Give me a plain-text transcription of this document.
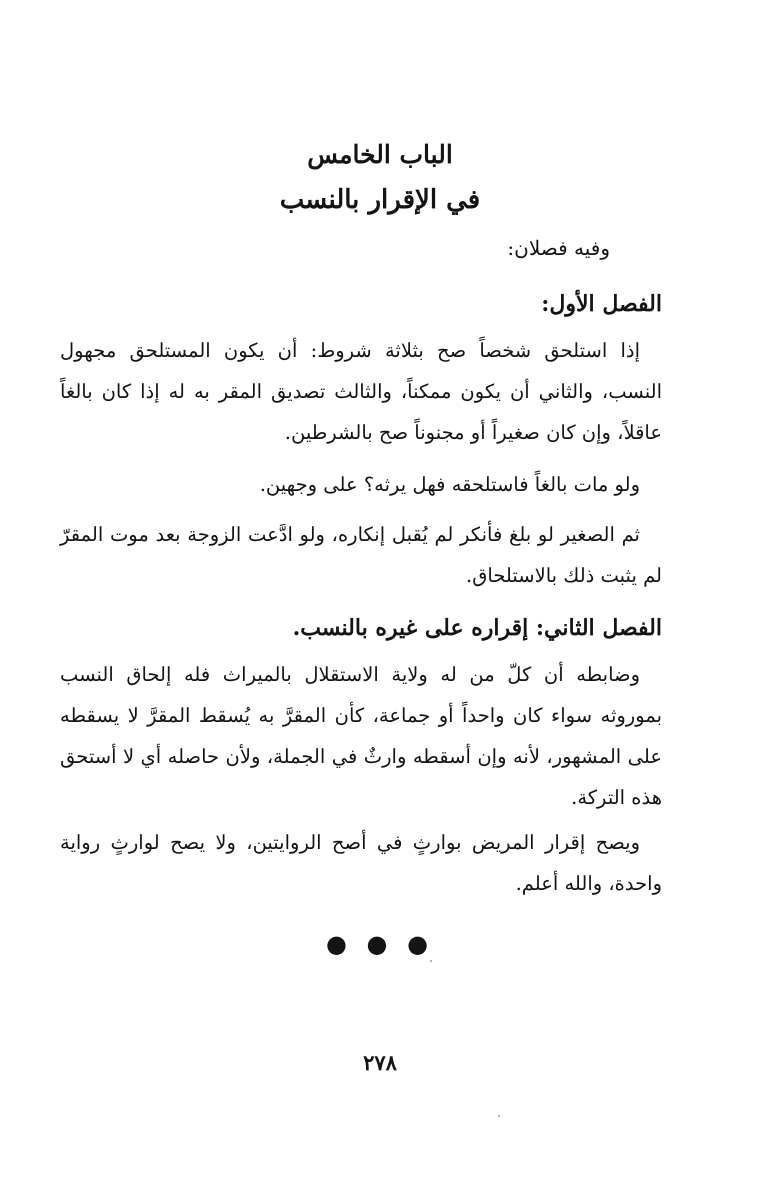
الباب الخامس
في الإقرار بالنسب
وفيه فصلان:

الفصل الأول:

إذا استلحق شخصاً صح بثلاثة شروط: أن يكون المستلحق مجهول النسب، والثاني أن يكون ممكناً، والثالث تصديق المقر به له إذا كان بالغاً عاقلاً، وإن كان صغيراً أو مجنوناً صح بالشرطين.

ولو مات بالغاً فاستلحقه فهل يرثه؟ على وجهين.

ثم الصغير لو بلغ فأنكر لم يُقبل إنكاره، ولو ادَّعت الزوجة بعد موت المقرّ لم يثبت ذلك بالاستلحاق.

الفصل الثاني: إقراره على غيره بالنسب.

وضابطه أن كلّ من له ولاية الاستقلال بالميراث فله إلحاق النسب بموروثه سواء كان واحداً أو جماعة، كأن المقرَّ به يُسقط المقرَّ لا يسقطه على المشهور، لأنه وإن أسقطه وارثٌ في الجملة، ولأن حاصله أي لا أستحق هذه التركة.

ويصح إقرار المريض بوارثٍ في أصح الروايتين، ولا يصح لوارثٍ رواية واحدة، والله أعلم.

● ● ●
٢٧٨
